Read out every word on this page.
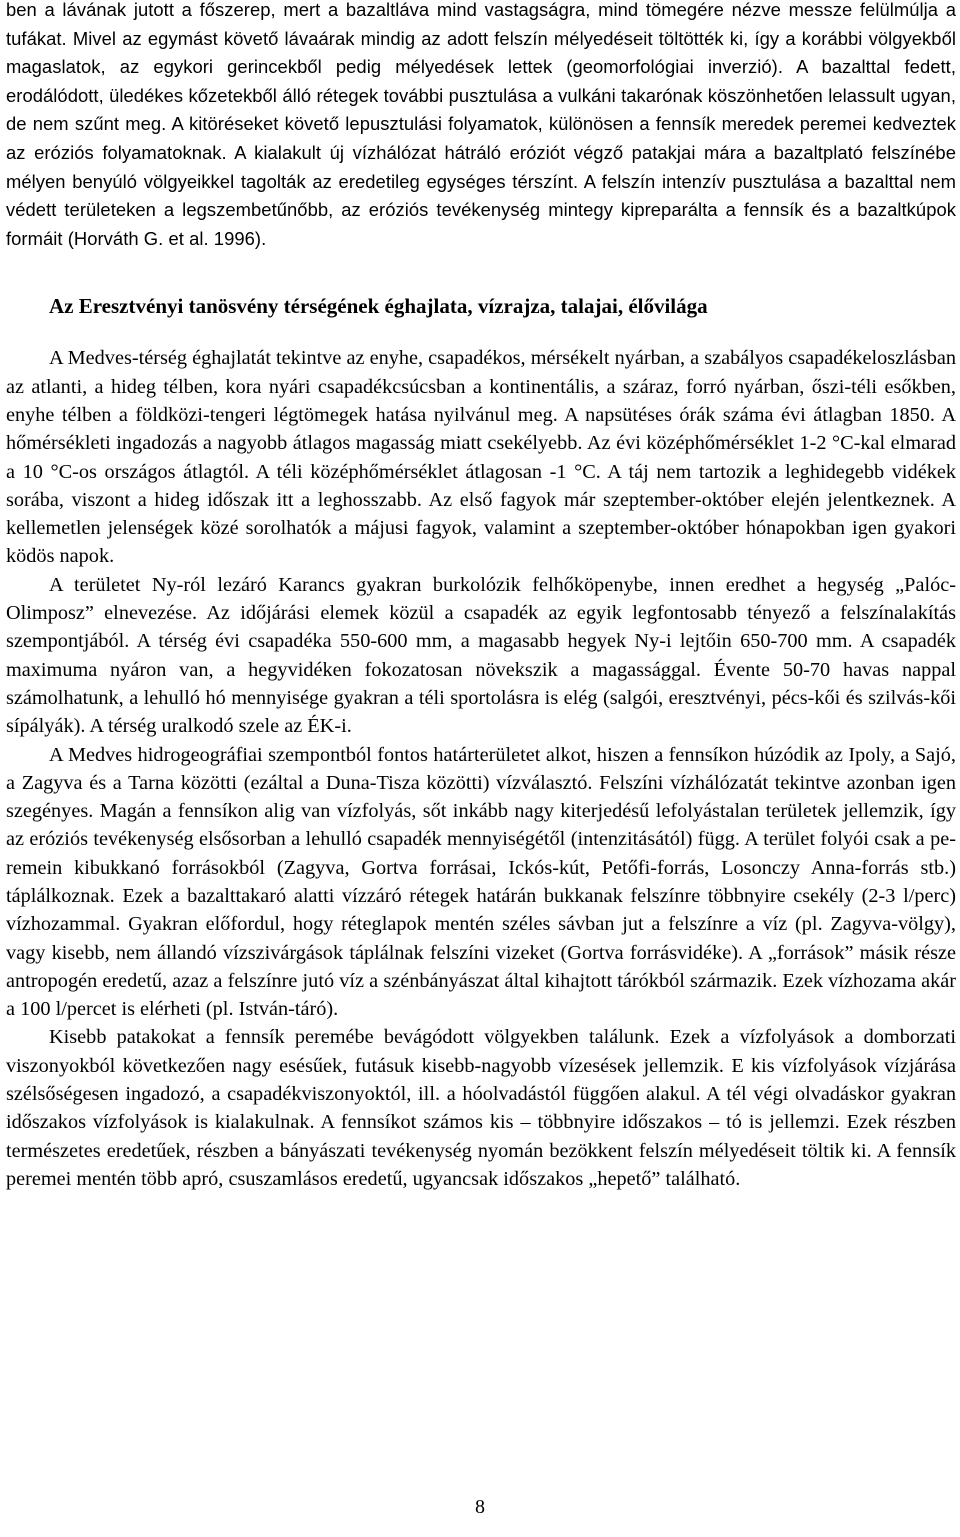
ben a lávának jutott a főszerep, mert a bazaltláva mind vastagságra, mind tömegére nézve messze felülmúlja a tufákat. Mivel az egymást követő lávaárak mindig az adott felszín mélyedéseit töltötték ki, így a korábbi völgyekből magaslatok, az egykori gerincekből pedig mélyedések lettek (geomorfológiai inverzió). A bazalttal fedett, erodálódott, üledékes kőzetekből álló rétegek további pusztulása a vulkáni takarónak köszönhetően lelassult ugyan, de nem szűnt meg. A kitöréseket követő lepusztulási folyamatok, különösen a fennsík meredek peremei kedveztek az eróziós folyamatoknak. A kialakult új vízhálózat hátráló eróziót végző patakjai mára a bazaltplató felszínébe mélyen benyúló völgyeikkel tagolták az eredetileg egységes térszínt. A felszín intenzív pusztulása a bazalttal nem védett területeken a legszembetűnőbb, az eróziós tevékenység mintegy kipreparálta a fennsík és a bazaltkúpok formáit (Horváth G. et al. 1996).

Az Eresztvényi tanösvény térségének éghajlata, vízrajza, talajai, élővilága

A Medves-térség éghajlatát tekintve az enyhe, csapadékos, mérsékelt nyárban, a szabályos csapadékeloszlásban az atlanti, a hideg télben, kora nyári csapadékcsúcsban a kontinentális, a száraz, forró nyárban, őszi-téli esőkben, enyhe télben a földközi-tengeri légtömegek hatása nyilvánul meg. A napsütéses órák száma évi átlagban 1850. A hőmérsékleti ingadozás a nagyobb átlagos magasság miatt csekélyebb. Az évi középhőmérséklet 1-2 °C-kal elmarad a 10 °C-os országos átlagtól. A téli középhőmérséklet átlagosan -1 °C. A táj nem tartozik a leghidegebb vidékek sorába, viszont a hideg időszak itt a leghosszabb. Az első fagyok már szeptember-október elején jelentkeznek. A kellemetlen jelenségek közé sorolhatók a májusi fagyok, valamint a szeptember-október hónapokban igen gyakori ködös napok.

A területet Ny-ról lezáró Karancs gyakran burkolózik felhőköpenybe, innen eredhet a hegység „Palóc-Olimposz” elnevezése. Az időjárási elemek közül a csapadék az egyik legfontosabb tényező a felszínalakítás szempontjából. A térség évi csapadéka 550-600 mm, a magasabb hegyek Ny-i lejtőin 650-700 mm. A csapadék maximuma nyáron van, a hegyvidéken fokozatosan növekszik a magassággal. Évente 50-70 havas nappal számolhatunk, a lehulló hó mennyisége gyakran a téli sportolásra is elég (salgói, eresztvényi, pécs-kői és szilvás-kői sípályák). A térség uralkodó szele az ÉK-i.

A Medves hidrogeográfiai szempontból fontos határterületet alkot, hiszen a fennsíkon húzódik az Ipoly, a Sajó, a Zagyva és a Tarna közötti (ezáltal a Duna-Tisza közötti) vízválasztó. Felszíni vízhálózatát tekintve azonban igen szegényes. Magán a fennsíkon alig van vízfolyás, sőt inkább nagy kiterjedésű lefolyástalan területek jellemzik, így az eróziós tevékenység elsősorban a lehulló csapadék mennyiségétől (intenzitásától) függ. A terület folyói csak a peremein kibukkanó forrásokból (Zagyva, Gortva forrásai, Ickós-kút, Petőfi-forrás, Losonczy Anna-forrás stb.) táplálkoznak. Ezek a bazalttakaró alatti vízzáró rétegek határán bukkanak felszínre többnyire csekély (2-3 l/perc) vízhozammal. Gyakran előfordul, hogy réteglapok mentén széles sávban jut a felszínre a víz (pl. Zagyva-völgy), vagy kisebb, nem állandó vízszivárgások táplálnak felszíni vizeket (Gortva forrásvidéke). A „források” másik része antropogén eredetű, azaz a felszínre jutó víz a szénbányászat által kihajtott tárókból származik. Ezek vízhozama akár a 100 l/percet is elérheti (pl. István-táró).

Kisebb patakokat a fennsík peremébe bevágódott völgyekben találunk. Ezek a vízfolyások a domborzati viszonyokból következően nagy esésűek, futásuk kisebb-nagyobb vízesések jellemzik. E kis vízfolyások vízjárása szélsőségesen ingadozó, a csapadékviszonyoktól, ill. a hóolvadástól függően alakul. A tél végi olvadáskor gyakran időszakos vízfolyások is kialakulnak. A fennsíkot számos kis – többnyire időszakos – tó is jellemzi. Ezek részben természetes eredetűek, részben a bányászati tevékenység nyomán bezökkent felszín mélyedéseit töltik ki. A fennsík peremei mentén több apró, csuszamlásos eredetű, ugyancsak időszakos „hepető” található.

8
